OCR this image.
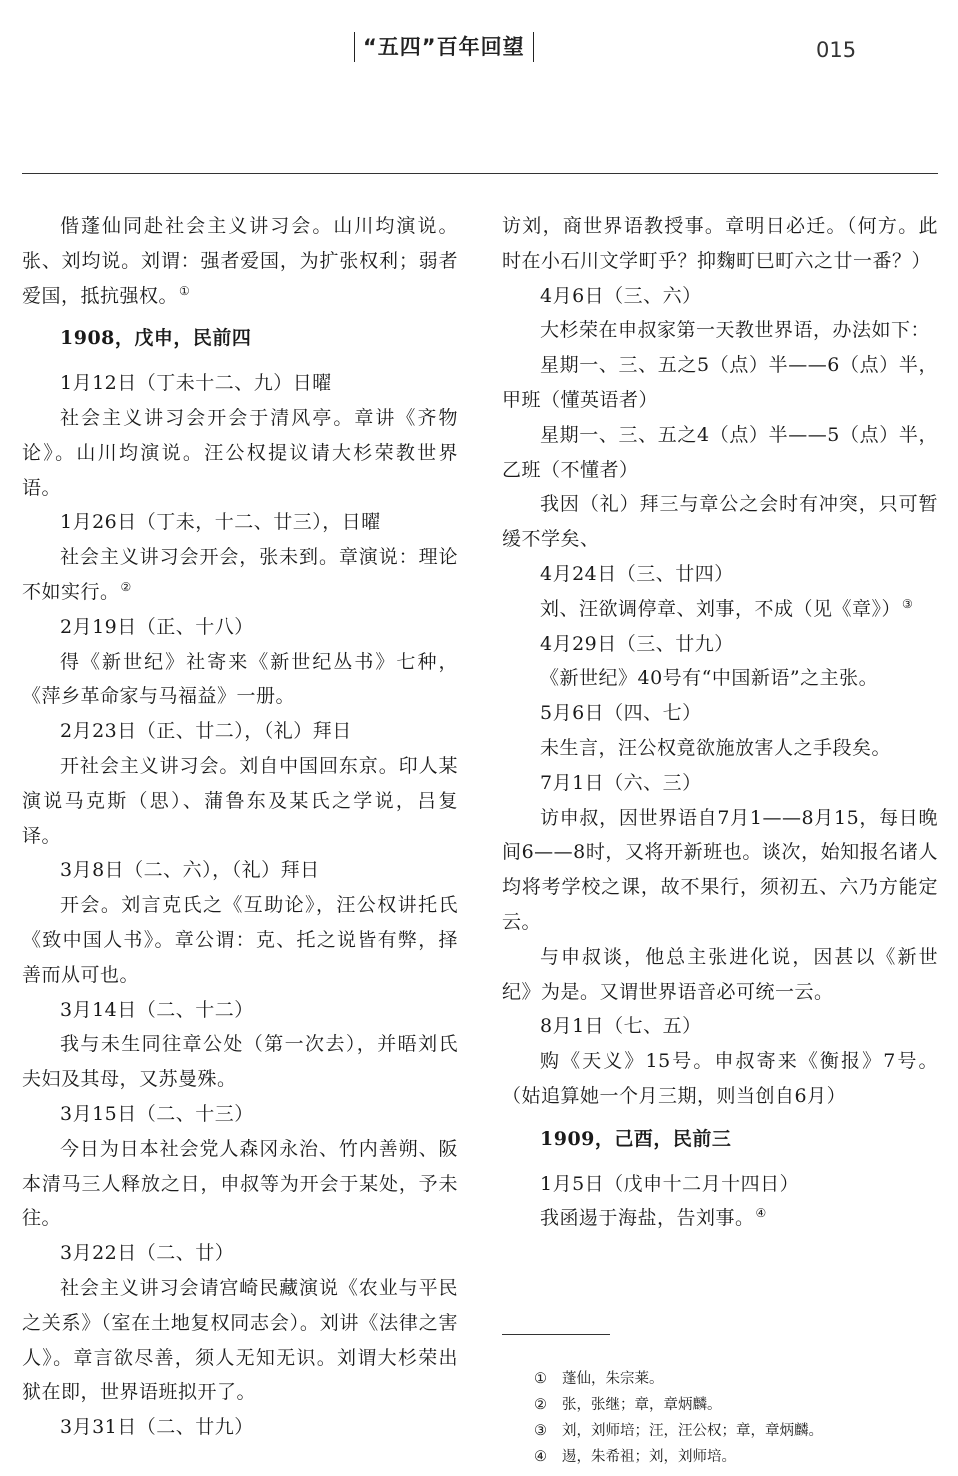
“五四”百年回望	015
偕蓬仙同赴社会主义讲习会。山川均演说。张、刘均说。刘谓：强者爱国，为扩张权利；弱者爱国，抵抗强权。①
1908，戊申，民前四
1月12日（丁未十二、九）日曜
社会主义讲习会开会于清风亭。章讲《齐物论》。山川均演说。汪公权提议请大杉荣教世界语。
1月26日（丁未，十二、廿三），日曜
社会主义讲习会开会，张未到。章演说：理论不如实行。②
2月19日（正、十八）
得《新世纪》社寄来《新世纪丛书》七种，《萍乡革命家与马福益》一册。
2月23日（正、廿二），（礼）拜日
开社会主义讲习会。刘自中国回东京。印人某演说马克斯（思）、蒲鲁东及某氏之学说，吕复译。
3月8日（二、六），（礼）拜日
开会。刘言克氏之《互助论》，汪公权讲托氏《致中国人书》。章公谓：克、托之说皆有弊，择善而从可也。
3月14日（二、十二）
我与未生同往章公处（第一次去），并晤刘氏夫妇及其母，又苏曼殊。
3月15日（二、十三）
今日为日本社会党人森冈永治、竹内善朔、阪本清马三人释放之日，申叔等为开会于某处，予未往。
3月22日（二、廿）
社会主义讲习会请宫崎民藏演说《农业与平民之关系》（室在土地复权同志会）。刘讲《法律之害人》。章言欲尽善，须人无知无识。刘谓大杉荣出狱在即，世界语班拟开了。
3月31日（二、廿九）
访刘，商世界语教授事。章明日必迁。（何方。此时在小石川文学町乎？抑麴町巳町六之廿一番？）
4月6日（三、六）
大杉荣在申叔家第一天教世界语，办法如下：
星期一、三、五之5（点）半——6（点）半，甲班（懂英语者）
星期一、三、五之4（点）半——5（点）半，乙班（不懂者）
我因（礼）拜三与章公之会时有冲突，只可暂缓不学矣、
4月24日（三、廿四）
刘、汪欲调停章、刘事，不成（见《章》）③
4月29日（三、廿九）
《新世纪》40号有“中国新语”之主张。
5月6日（四、七）
未生言，汪公权竟欲施放害人之手段矣。
7月1日（六、三）
访申叔，因世界语自7月1——8月15，每日晚间6——8时，又将开新班也。谈次，始知报名诸人均将考学校之课，故不果行，须初五、六乃方能定云。
与申叔谈，他总主张进化说，因甚以《新世纪》为是。又谓世界语音必可统一云。
8月1日（七、五）
购《天义》15号。申叔寄来《衡报》7号。（姑追算她一个月三期，则当创自6月）
1909，己酉，民前三
1月5日（戊申十二月十四日）
我函逷于海盐，告刘事。④
① 蓬仙，朱宗莱。
② 张，张继；章，章炳麟。
③ 刘，刘师培；汪，汪公权；章，章炳麟。
④ 逷，朱希祖；刘，刘师培。
